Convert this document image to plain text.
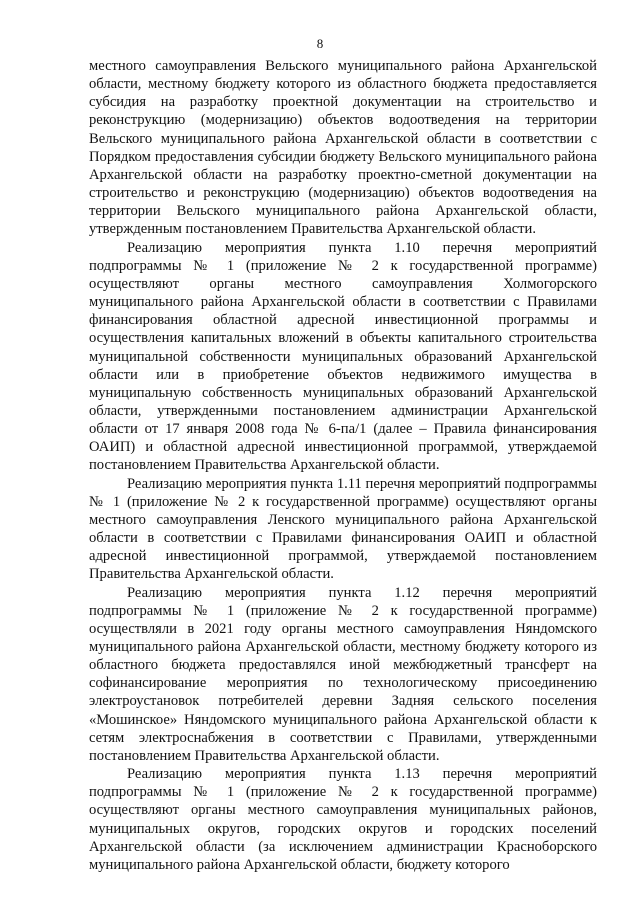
8

местного самоуправления Вельского муниципального района Архангельской области, местному бюджету которого из областного бюджета предоставляется субсидия на разработку проектной документации на строительство и реконструкцию (модернизацию) объектов водоотведения на территории Вельского муниципального района Архангельской области в соответствии с Порядком предоставления субсидии бюджету Вельского муниципального района Архангельской области на разработку проектно-сметной документации на строительство и реконструкцию (модернизацию) объектов водоотведения на территории Вельского муниципального района Архангельской области, утвержденным постановлением Правительства Архангельской области.

Реализацию мероприятия пункта 1.10 перечня мероприятий подпрограммы № 1 (приложение № 2 к государственной программе) осуществляют органы местного самоуправления Холмогорского муниципального района Архангельской области в соответствии с Правилами финансирования областной адресной инвестиционной программы и осуществления капитальных вложений в объекты капитального строительства муниципальной собственности муниципальных образований Архангельской области или в приобретение объектов недвижимого имущества в муниципальную собственность муниципальных образований Архангельской области, утвержденными постановлением администрации Архангельской области от 17 января 2008 года № 6-па/1 (далее – Правила финансирования ОАИП) и областной адресной инвестиционной программой, утверждаемой постановлением Правительства Архангельской области.

Реализацию мероприятия пункта 1.11 перечня мероприятий подпрограммы № 1 (приложение № 2 к государственной программе) осуществляют органы местного самоуправления Ленского муниципального района Архангельской области в соответствии с Правилами финансирования ОАИП и областной адресной инвестиционной программой, утверждаемой постановлением Правительства Архангельской области.

Реализацию мероприятия пункта 1.12 перечня мероприятий подпрограммы № 1 (приложение № 2 к государственной программе) осуществляли в 2021 году органы местного самоуправления Няндомского муниципального района Архангельской области, местному бюджету которого из областного бюджета предоставлялся иной межбюджетный трансферт на софинансирование мероприятия по технологическому присоединению электроустановок потребителей деревни Задняя сельского поселения «Мошинское» Няндомского муниципального района Архангельской области к сетям электроснабжения в соответствии с Правилами, утвержденными постановлением Правительства Архангельской области.

Реализацию мероприятия пункта 1.13 перечня мероприятий подпрограммы № 1 (приложение № 2 к государственной программе) осуществляют органы местного самоуправления муниципальных районов, муниципальных округов, городских округов и городских поселений Архангельской области (за исключением администрации Красноборского муниципального района Архангельской области, бюджету которого
